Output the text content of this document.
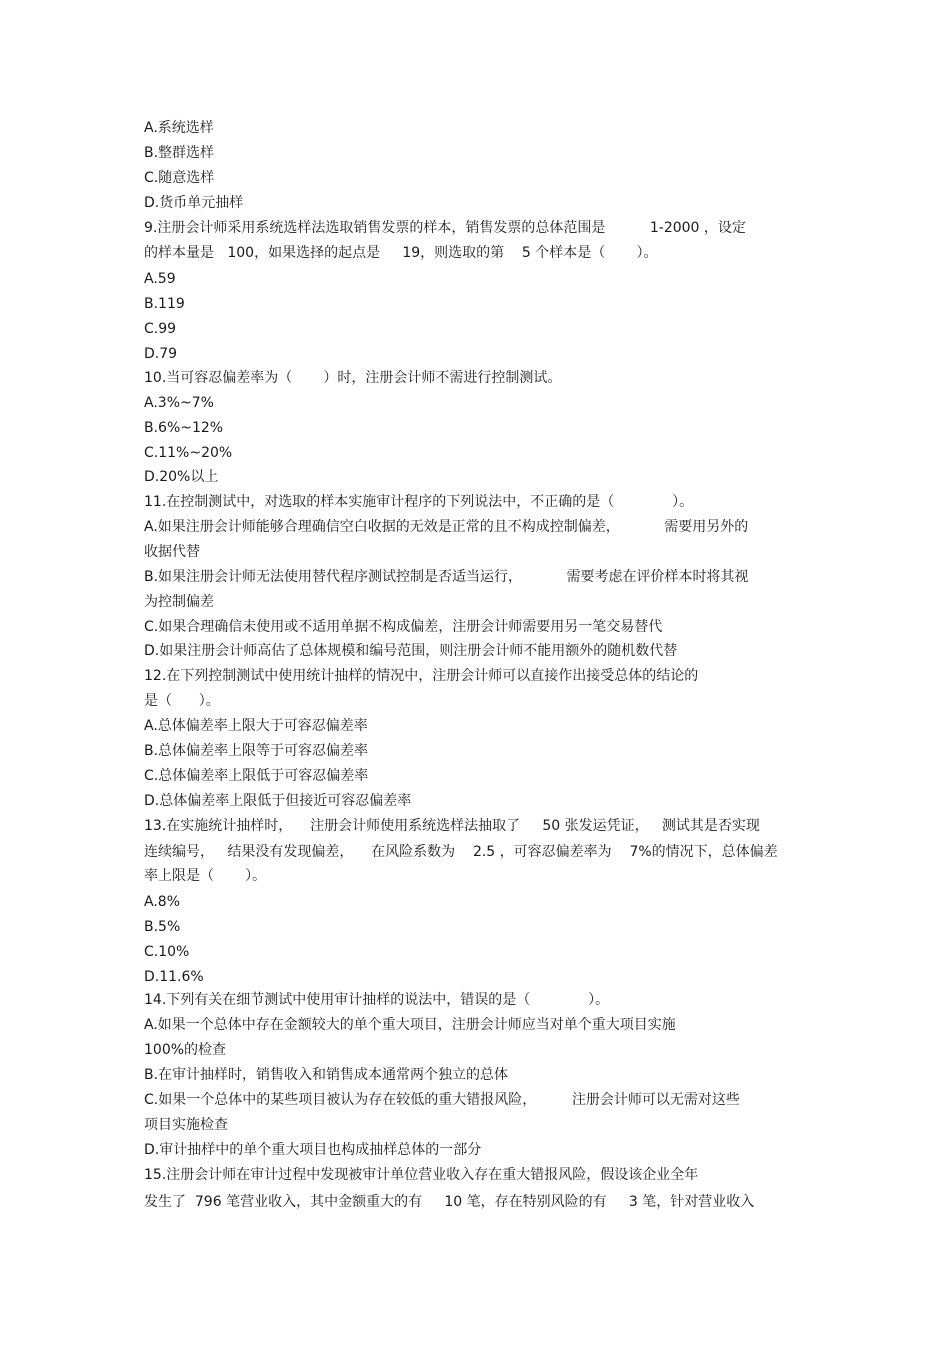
A.系统选样

B.整群选样

C.随意选样

D.货币单元抽样

9.注册会计师采用系统选样法选取销售发票的样本，销售发票的总体范围是          1-2000 ，设定

的样本量是   100，如果选择的起点是     19，则选取的第    5 个样本是（       ）。

A.59

B.119

C.99

D.79

10.当可容忍偏差率为（       ）时，注册会计师不需进行控制测试。

A.3%~7%

B.6%~12%

C.11%~20%

D.20%以上

11.在控制测试中，对选取的样本实施审计程序的下列说法中，不正确的是（             ）。

A.如果注册会计师能够合理确信空白收据的无效是正常的且不构成控制偏差，          需要用另外的

收据代替

B.如果注册会计师无法使用替代程序测试控制是否适当运行，          需要考虑在评价样本时将其视

为控制偏差

C.如果合理确信未使用或不适用单据不构成偏差，注册会计师需要用另一笔交易替代

D.如果注册会计师高估了总体规模和编号范围，则注册会计师不能用额外的随机数代替

12.在下列控制测试中使用统计抽样的情况中，注册会计师可以直接作出接受总体的结论的

是（      ）。

A.总体偏差率上限大于可容忍偏差率

B.总体偏差率上限等于可容忍偏差率

C.总体偏差率上限低于可容忍偏差率

D.总体偏差率上限低于但接近可容忍偏差率

13.在实施统计抽样时，    注册会计师使用系统选样法抽取了     50 张发运凭证，   测试其是否实现

连续编号，   结果没有发现偏差，    在风险系数为    2.5 ，可容忍偏差率为    7%的情况下，总体偏差

率上限是（       ）。

A.8%

B.5%

C.10%

D.11.6%

14.下列有关在细节测试中使用审计抽样的说法中，错误的是（             ）。

A.如果一个总体中存在金额较大的单个重大项目，注册会计师应当对单个重大项目实施

100%的检查

B.在审计抽样时，销售收入和销售成本通常两个独立的总体

C.如果一个总体中的某些项目被认为存在较低的重大错报风险，        注册会计师可以无需对这些

项目实施检查

D.审计抽样中的单个重大项目也构成抽样总体的一部分

15.注册会计师在审计过程中发现被审计单位营业收入存在重大错报风险，假设该企业全年

发生了  796 笔营业收入，其中金额重大的有     10 笔，存在特别风险的有     3 笔，针对营业收入
